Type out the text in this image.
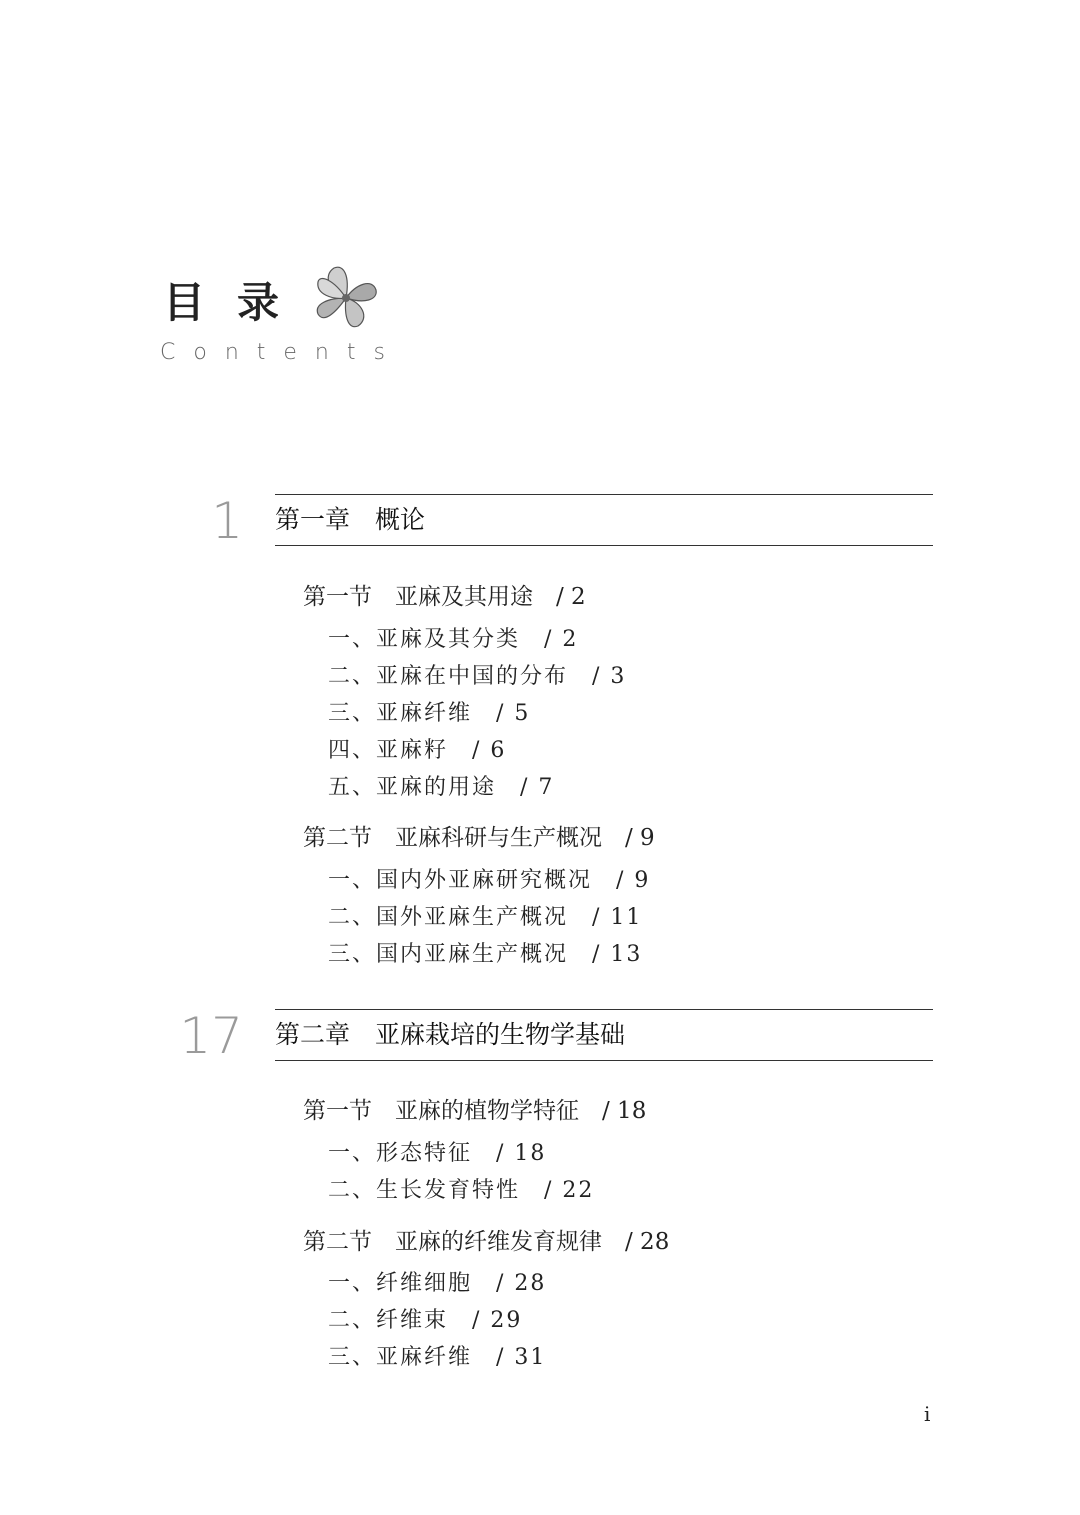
目录
Contents
1 第一章　概论
第一节　亚麻及其用途　/ 2
一、亚麻及其分类　/ 2
二、亚麻在中国的分布　/ 3
三、亚麻纤维　/ 5
四、亚麻籽　/ 6
五、亚麻的用途　/ 7
第二节　亚麻科研与生产概况　/ 9
一、国内外亚麻研究概况　/ 9
二、国外亚麻生产概况　/ 11
三、国内亚麻生产概况　/ 13
17 第二章　亚麻栽培的生物学基础
第一节　亚麻的植物学特征　/ 18
一、形态特征　/ 18
二、生长发育特性　/ 22
第二节　亚麻的纤维发育规律　/ 28
一、纤维细胞　/ 28
二、纤维束　/ 29
三、亚麻纤维　/ 31
i
